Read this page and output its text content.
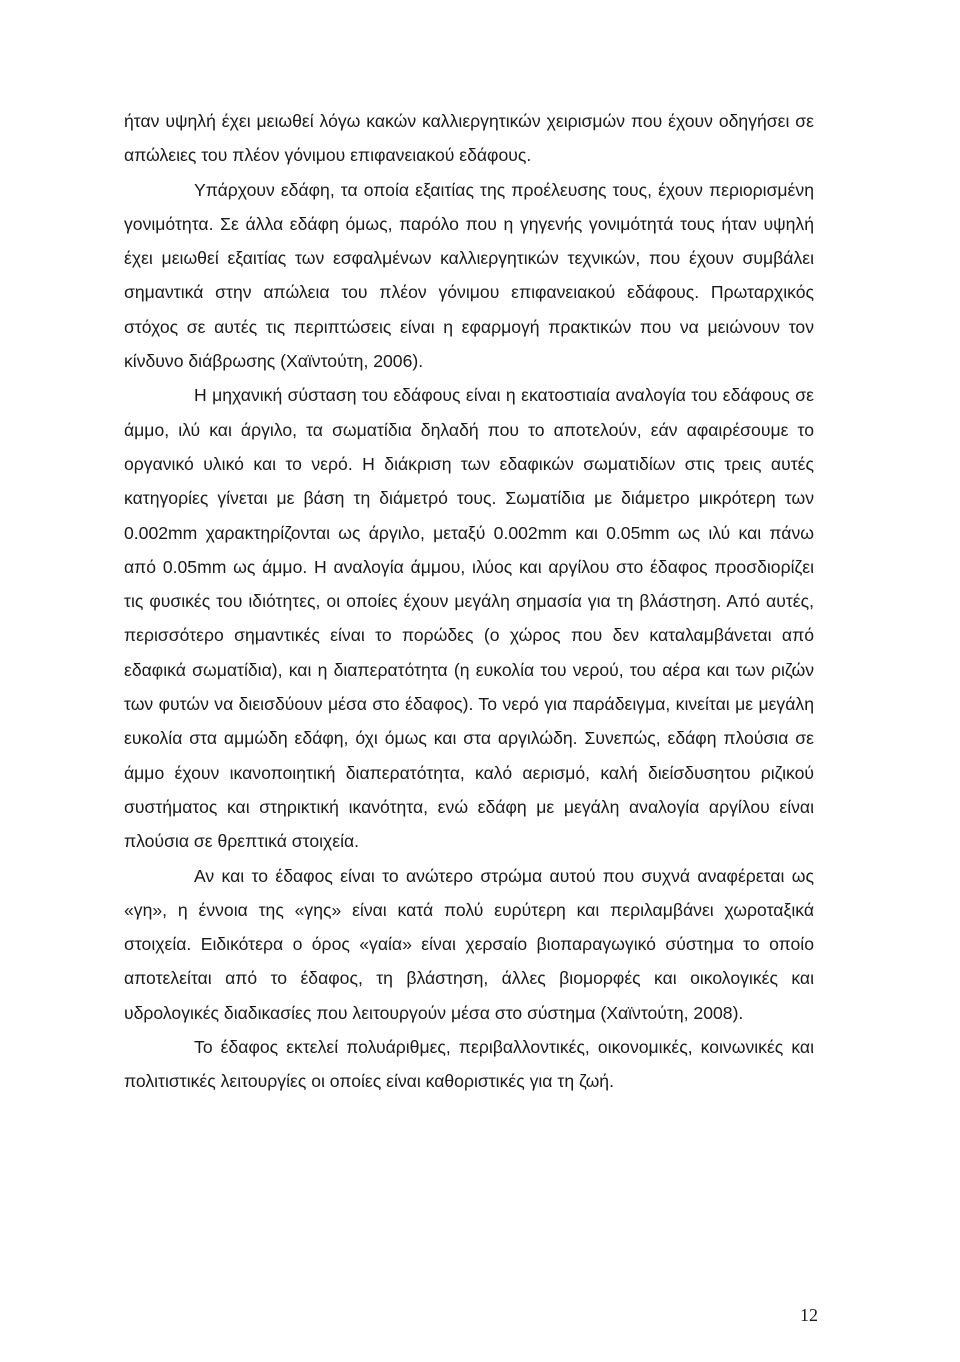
ήταν υψηλή έχει μειωθεί λόγω κακών καλλιεργητικών χειρισμών που έχουν οδηγήσει σε απώλειες του πλέον γόνιμου επιφανειακού εδάφους.

Υπάρχουν εδάφη, τα οποία εξαιτίας της προέλευσης τους, έχουν περιορισμένη γονιμότητα. Σε άλλα εδάφη όμως, παρόλο που η γηγενής γονιμότητά τους ήταν υψηλή έχει μειωθεί εξαιτίας των εσφαλμένων καλλιεργητικών τεχνικών, που έχουν συμβάλει σημαντικά στην απώλεια του πλέον γόνιμου επιφανειακού εδάφους. Πρωταρχικός στόχος σε αυτές τις περιπτώσεις είναι η εφαρμογή πρακτικών που να μειώνουν τον κίνδυνο διάβρωσης (Χαϊντούτη, 2006).

Η μηχανική σύσταση του εδάφους είναι η εκατοστιαία αναλογία του εδάφους σε άμμο, ιλύ και άργιλο, τα σωματίδια δηλαδή που το αποτελούν, εάν αφαιρέσουμε το οργανικό υλικό και το νερό. Η διάκριση των εδαφικών σωματιδίων στις τρεις αυτές κατηγορίες γίνεται με βάση τη διάμετρό τους. Σωματίδια με διάμετρο μικρότερη των 0.002mm χαρακτηρίζονται ως άργιλο, μεταξύ 0.002mm και 0.05mm ως ιλύ και πάνω από 0.05mm ως άμμο. Η αναλογία άμμου, ιλύος και αργίλου στο έδαφος προσδιορίζει τις φυσικές του ιδιότητες, οι οποίες έχουν μεγάλη σημασία για τη βλάστηση. Από αυτές, περισσότερο σημαντικές είναι το πορώδες (ο χώρος που δεν καταλαμβάνεται από εδαφικά σωματίδια), και η διαπερατότητα (η ευκολία του νερού, του αέρα και των ριζών των φυτών να διεισδύουν μέσα στο έδαφος). Το νερό για παράδειγμα, κινείται με μεγάλη ευκολία στα αμμώδη εδάφη, όχι όμως και στα αργιλώδη. Συνεπώς, εδάφη πλούσια σε άμμο έχουν ικανοποιητική διαπερατότητα, καλό αερισμό, καλή διείσδυσητου ριζικού συστήματος και στηρικτική ικανότητα, ενώ εδάφη με μεγάλη αναλογία αργίλου είναι πλούσια σε θρεπτικά στοιχεία.

Αν και το έδαφος είναι το ανώτερο στρώμα αυτού που συχνά αναφέρεται ως «γη», η έννοια της «γης» είναι κατά πολύ ευρύτερη και περιλαμβάνει χωροταξικά στοιχεία. Ειδικότερα ο όρος «γαία» είναι χερσαίο βιοπαραγωγικό σύστημα το οποίο αποτελείται από το έδαφος, τη βλάστηση, άλλες βιομορφές και οικολογικές και υδρολογικές διαδικασίες που λειτουργούν μέσα στο σύστημα (Χαϊντούτη, 2008).

Το έδαφος εκτελεί πολυάριθμες, περιβαλλοντικές, οικονομικές, κοινωνικές και πολιτιστικές λειτουργίες οι οποίες είναι καθοριστικές για τη ζωή.

12
